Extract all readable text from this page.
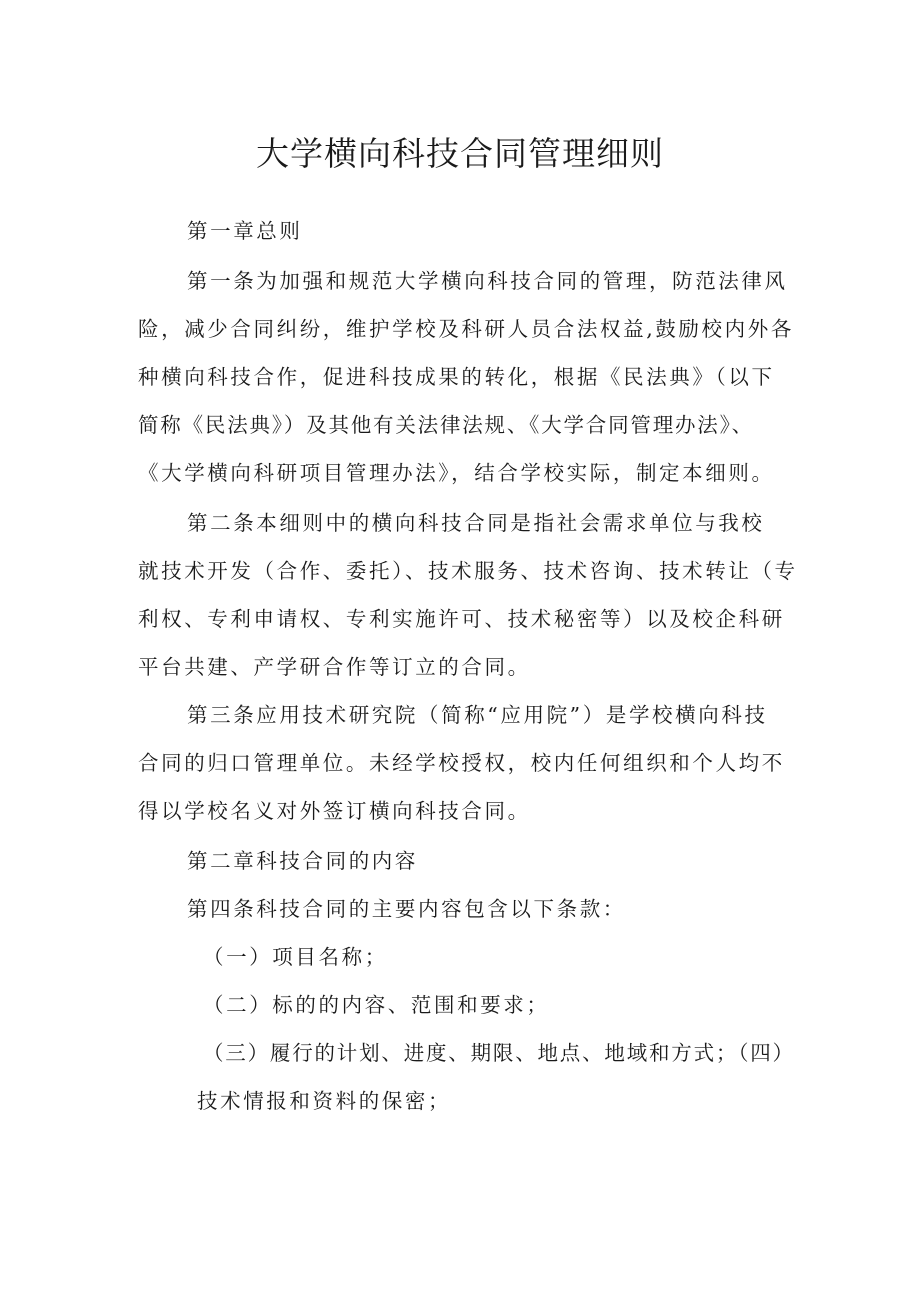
大学横向科技合同管理细则
第一章总则
第一条为加强和规范大学横向科技合同的管理，防范法律风
险，减少合同纠纷，维护学校及科研人员合法权益,鼓励校内外各
种横向科技合作，促进科技成果的转化，根据《民法典》（以下
简称《民法典》）及其他有关法律法规、《大学合同管理办法》、
《大学横向科研项目管理办法》，结合学校实际，制定本细则。
第二条本细则中的横向科技合同是指社会需求单位与我校
就技术开发（合作、委托）、技术服务、技术咨询、技术转让（专
利权、专利申请权、专利实施许可、技术秘密等）以及校企科研
平台共建、产学研合作等订立的合同。
第三条应用技术研究院（简称“应用院”）是学校横向科技
合同的归口管理单位。未经学校授权，校内任何组织和个人均不
得以学校名义对外签订横向科技合同。
第二章科技合同的内容
第四条科技合同的主要内容包含以下条款：
（一）项目名称；
（二）标的的内容、范围和要求；
（三）履行的计划、进度、期限、地点、地域和方式；（四）
技术情报和资料的保密；
